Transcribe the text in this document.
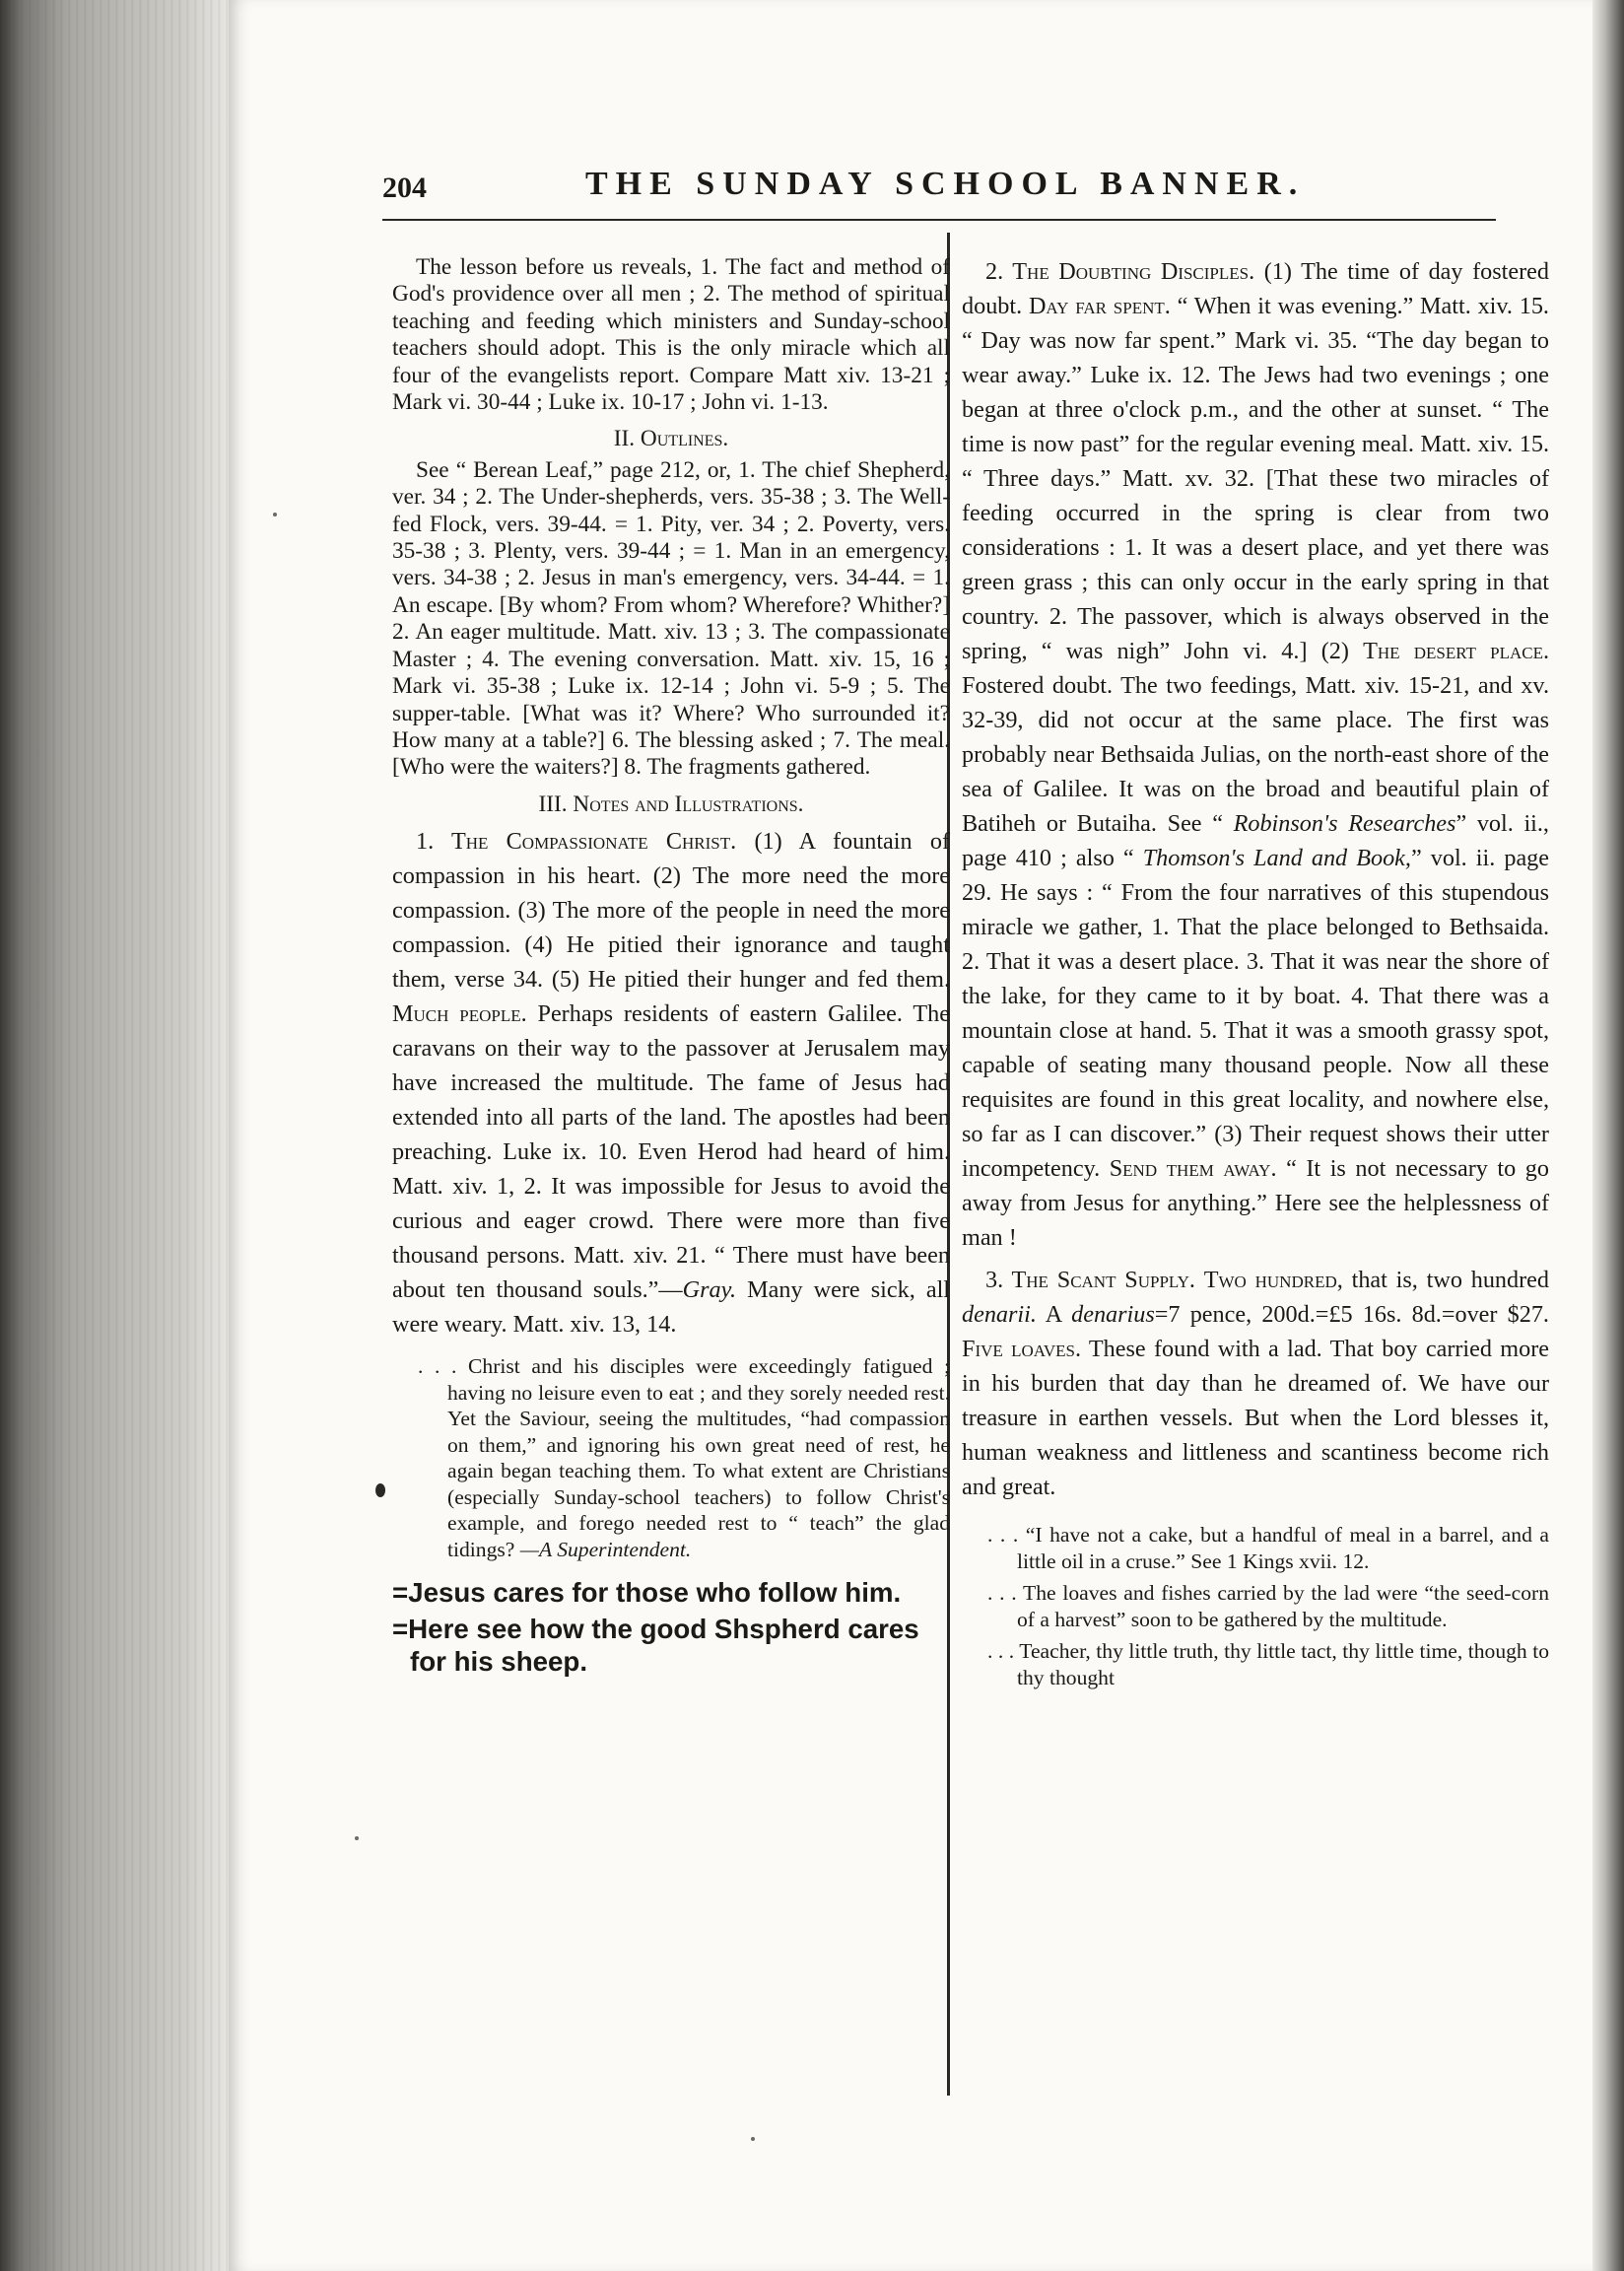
204	THE SUNDAY SCHOOL BANNER.

The lesson before us reveals, 1. The fact and method of God's providence over all men ; 2. The method of spiritual teaching and feeding which ministers and Sunday-school teachers should adopt. This is the only miracle which all four of the evangelists report. Compare Matt xiv. 13-21 ; Mark vi. 30-44 ; Luke ix. 10-17 ; John vi. 1-13.

II. Outlines.

See “ Berean Leaf,” page 212, or, 1. The chief Shepherd, ver. 34 ; 2. The Under-shepherds, vers. 35-38 ; 3. The Well-fed Flock, vers. 39-44. = 1. Pity, ver. 34 ; 2. Poverty, vers. 35-38 ; 3. Plenty, vers. 39-44 ; = 1. Man in an emergency, vers. 34-38 ; 2. Jesus in man's emergency, vers. 34-44. = 1. An escape. [By whom? From whom? Wherefore? Whither?] 2. An eager multitude. Matt. xiv. 13 ; 3. The compassionate Master ; 4. The evening conversation. Matt. xiv. 15, 16 ; Mark vi. 35-38 ; Luke ix. 12-14 ; John vi. 5-9 ; 5. The supper-table. [What was it? Where? Who surrounded it? How many at a table?] 6. The blessing asked ; 7. The meal. [Who were the waiters?] 8. The fragments gathered.

III. Notes and Illustrations.

1. The Compassionate Christ. (1) A fountain of compassion in his heart. (2) The more need the more compassion. (3) The more of the people in need the more compassion. (4) He pitied their ignorance and taught them, verse 34. (5) He pitied their hunger and fed them. Much people. Perhaps residents of eastern Galilee. The caravans on their way to the passover at Jerusalem may have increased the multitude. The fame of Jesus had extended into all parts of the land. The apostles had been preaching. Luke ix. 10. Even Herod had heard of him. Matt. xiv. 1, 2. It was impossible for Jesus to avoid the curious and eager crowd. There were more than five thousand persons. Matt. xiv. 21. “ There must have been about ten thousand souls.”—Gray. Many were sick, all were weary. Matt. xiv. 13, 14.

. . . Christ and his disciples were exceedingly fatigued ; having no leisure even to eat ; and they sorely needed rest. Yet the Saviour, seeing the multitudes, “had compassion on them,” and ignoring his own great need of rest, he again began teaching them. To what extent are Christians (especially Sunday-school teachers) to follow Christ's example, and forego needed rest to “ teach” the glad tidings? —A Superintendent.

=Jesus cares for those who follow him.

=Here see how the good Shspherd cares for his sheep.

2. The Doubting Disciples. (1) The time of day fostered doubt. Day far spent. “ When it was evening.” Matt. xiv. 15. “ Day was now far spent.” Mark vi. 35. “The day began to wear away.” Luke ix. 12. The Jews had two evenings ; one began at three o'clock p.m., and the other at sunset. “ The time is now past” for the regular evening meal. Matt. xiv. 15. “ Three days.” Matt. xv. 32. [That these two miracles of feeding occurred in the spring is clear from two considerations : 1. It was a desert place, and yet there was green grass ; this can only occur in the early spring in that country. 2. The passover, which is always observed in the spring, “ was nigh” John vi. 4.] (2) The desert place. Fostered doubt. The two feedings, Matt. xiv. 15-21, and xv. 32-39, did not occur at the same place. The first was probably near Bethsaida Julias, on the north-east shore of the sea of Galilee. It was on the broad and beautiful plain of Batiheh or Butaiha. See “ Robinson's Researches” vol. ii., page 410 ; also “ Thomson's Land and Book,” vol. ii. page 29. He says : “ From the four narratives of this stupendous miracle we gather, 1. That the place belonged to Bethsaida. 2. That it was a desert place. 3. That it was near the shore of the lake, for they came to it by boat. 4. That there was a mountain close at hand. 5. That it was a smooth grassy spot, capable of seating many thousand people. Now all these requisites are found in this great locality, and nowhere else, so far as I can discover.” (3) Their request shows their utter incompetency. Send them away. “ It is not necessary to go away from Jesus for anything.” Here see the helplessness of man !

3. The Scant Supply. Two hundred, that is, two hundred denarii. A denarius=7 pence, 200d.=£5 16s. 8d.=over $27. Five loaves. These found with a lad. That boy carried more in his burden that day than he dreamed of. We have our treasure in earthen vessels. But when the Lord blesses it, human weakness and littleness and scantiness become rich and great.

. . . “I have not a cake, but a handful of meal in a barrel, and a little oil in a cruse.” See 1 Kings xvii. 12.

. . . The loaves and fishes carried by the lad were “the seed-corn of a harvest” soon to be gathered by the multitude.

. . . Teacher, thy little truth, thy little tact, thy little time, though to thy thought
